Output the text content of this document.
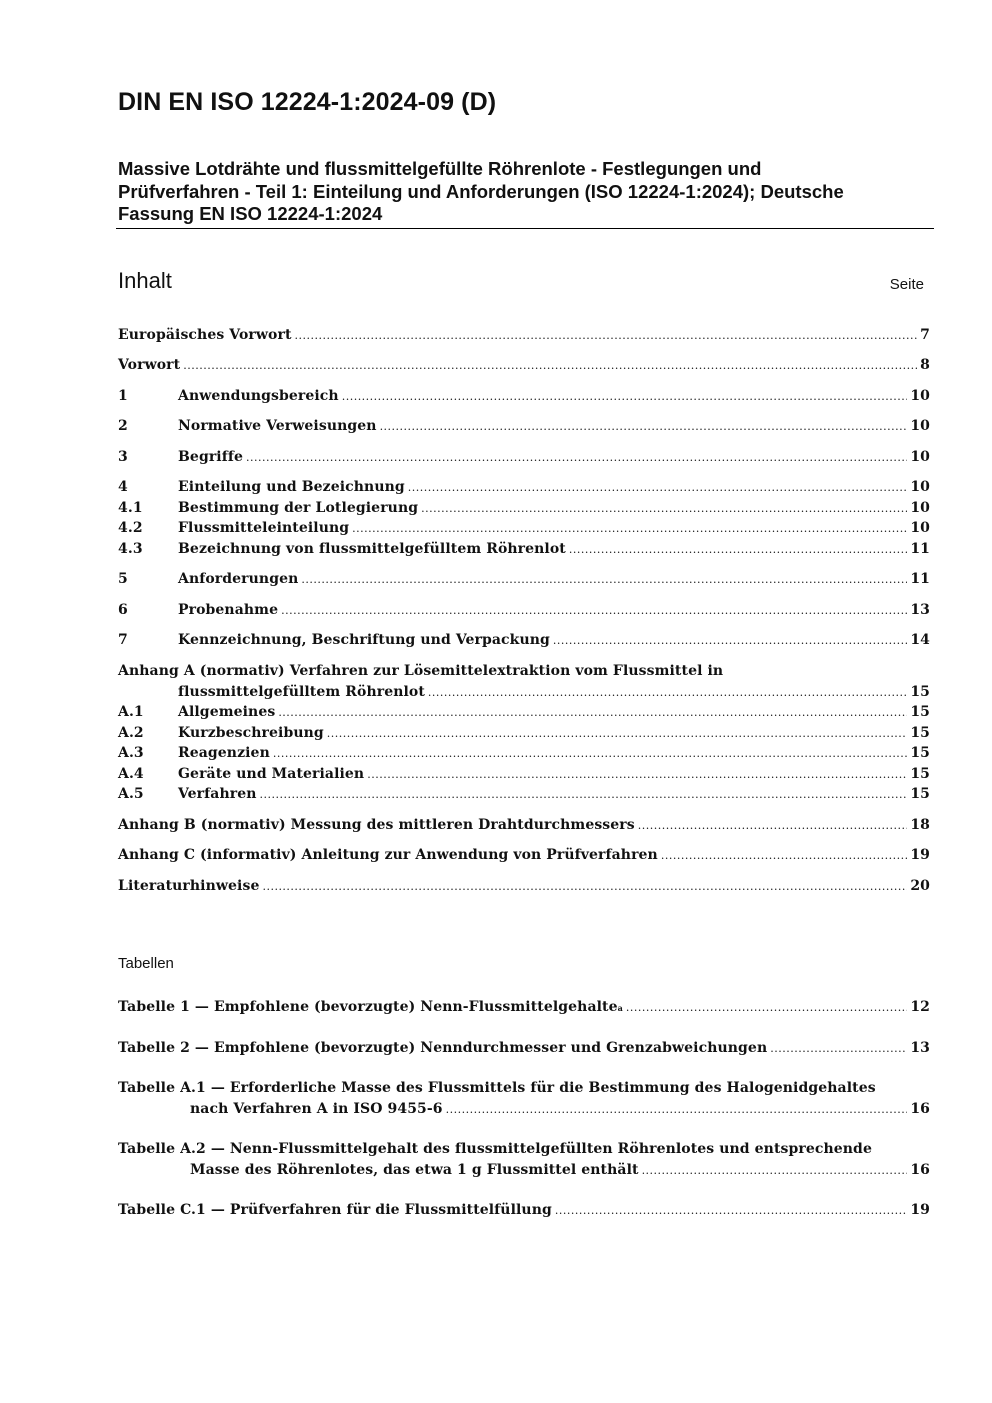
DIN EN ISO 12224-1:2024-09 (D)
Massive Lotdrähte und flussmittelgefüllte Röhrenlote - Festlegungen und
Prüfverfahren - Teil 1: Einteilung und Anforderungen (ISO 12224-1:2024); Deutsche
Fassung EN ISO 12224-1:2024
Inhalt	Seite
Europäisches Vorwort .....	7
Vorwort .....	8
1	Anwendungsbereich .....	10
2	Normative Verweisungen .....	10
3	Begriffe .....	10
4	Einteilung und Bezeichnung .....	10
4.1	Bestimmung der Lotlegierung .....	10
4.2	Flussmitteleinteilung .....	10
4.3	Bezeichnung von flussmittelgefülltem Röhrenlot .....	11
5	Anforderungen .....	11
6	Probenahme .....	13
7	Kennzeichnung, Beschriftung und Verpackung .....	14
Anhang A (normativ) Verfahren zur Lösemittelextraktion vom Flussmittel in
flussmittelgefülltem Röhrenlot .....	15
A.1	Allgemeines .....	15
A.2	Kurzbeschreibung .....	15
A.3	Reagenzien .....	15
A.4	Geräte und Materialien .....	15
A.5	Verfahren .....	15
Anhang B (normativ) Messung des mittleren Drahtdurchmessers .....	18
Anhang C (informativ) Anleitung zur Anwendung von Prüfverfahren .....	19
Literaturhinweise .....	20
Tabellen
Tabelle 1 — Empfohlene (bevorzugte) Nenn-Flussmittelgehalte a .....	12
Tabelle 2 — Empfohlene (bevorzugte) Nenndurchmesser und Grenzabweichungen .....	13
Tabelle A.1 — Erforderliche Masse des Flussmittels für die Bestimmung des Halogenidgehaltes
nach Verfahren A in ISO 9455-6 .....	16
Tabelle A.2 — Nenn-Flussmittelgehalt des flussmittelgefüllten Röhrenlotes und entsprechende
Masse des Röhrenlotes, das etwa 1 g Flussmittel enthält .....	16
Tabelle C.1 — Prüfverfahren für die Flussmittelfüllung .....	19
